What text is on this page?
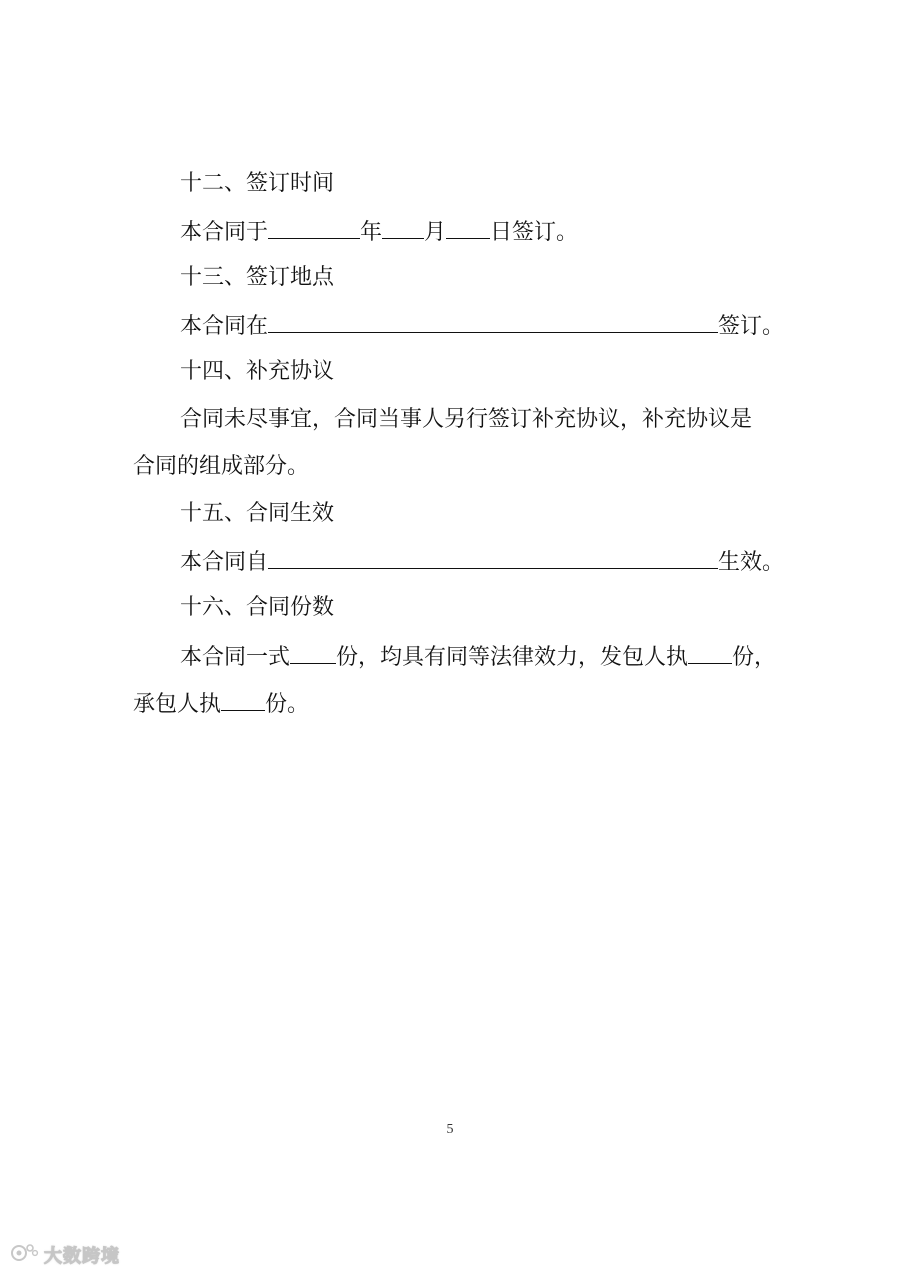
十二、签订时间
本合同于	年 月 日签订。
十三、签订地点
本合同在	签订。
十四、补充协议
合同未尽事宜，合同当事人另行签订补充协议，补充协议是
合同的组成部分。
十五、合同生效
本合同自	生效。
十六、合同份数
本合同一式 份，均具有同等法律效力，发包人执 份，
承包人执 份。
5
大数跨境
